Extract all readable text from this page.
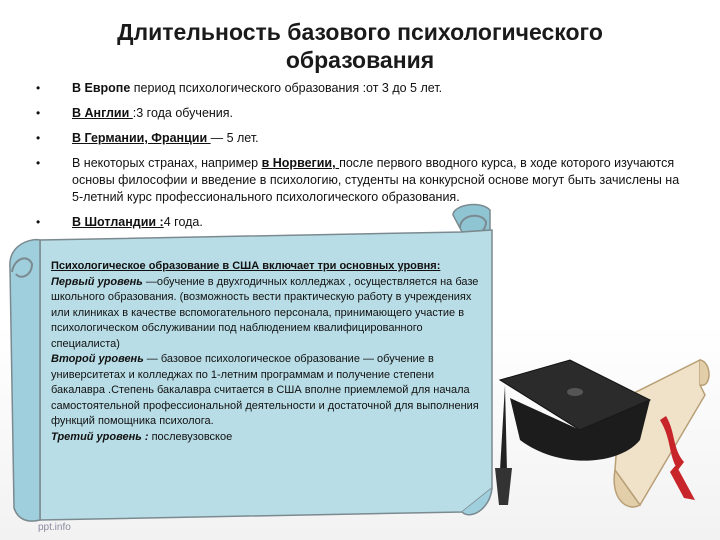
Длительность базового психологического образования
•	В Европе период психологического образования :от 3 до 5 лет.
•	В Англии :3 года обучения.
•	В Германии, Франции — 5 лет.
•	В некоторых странах, например в Норвегии, после первого вводного курса, в ходе которого изучаются основы философии и введение в психологию, студенты на конкурсной основе могут быть зачислены на 5-летний курс профессионального психологического образования.
•	В Шотландии :4 года.
Психологическое образование в США включает три основных уровня:
Первый уровень —обучение в двухгодичных колледжах , осуществляется на базе школьного образования. (возможность вести практическую работу в учреждениях или клиниках в качестве вспомогательного персонала, принимающего участие в психологическом обслуживании под наблюдением квалифицированного специалиста)
Второй уровень — базовое психологическое образование — обучение в университетах и колледжах по 1-летним программам и получение степени бакалавра .Степень бакалавра считается в США вполне приемлемой для начала самостоятельной профессиональной деятельности и достаточной для выполнения функций помощника психолога.
Третий уровень : послевузовское
ppt.info
